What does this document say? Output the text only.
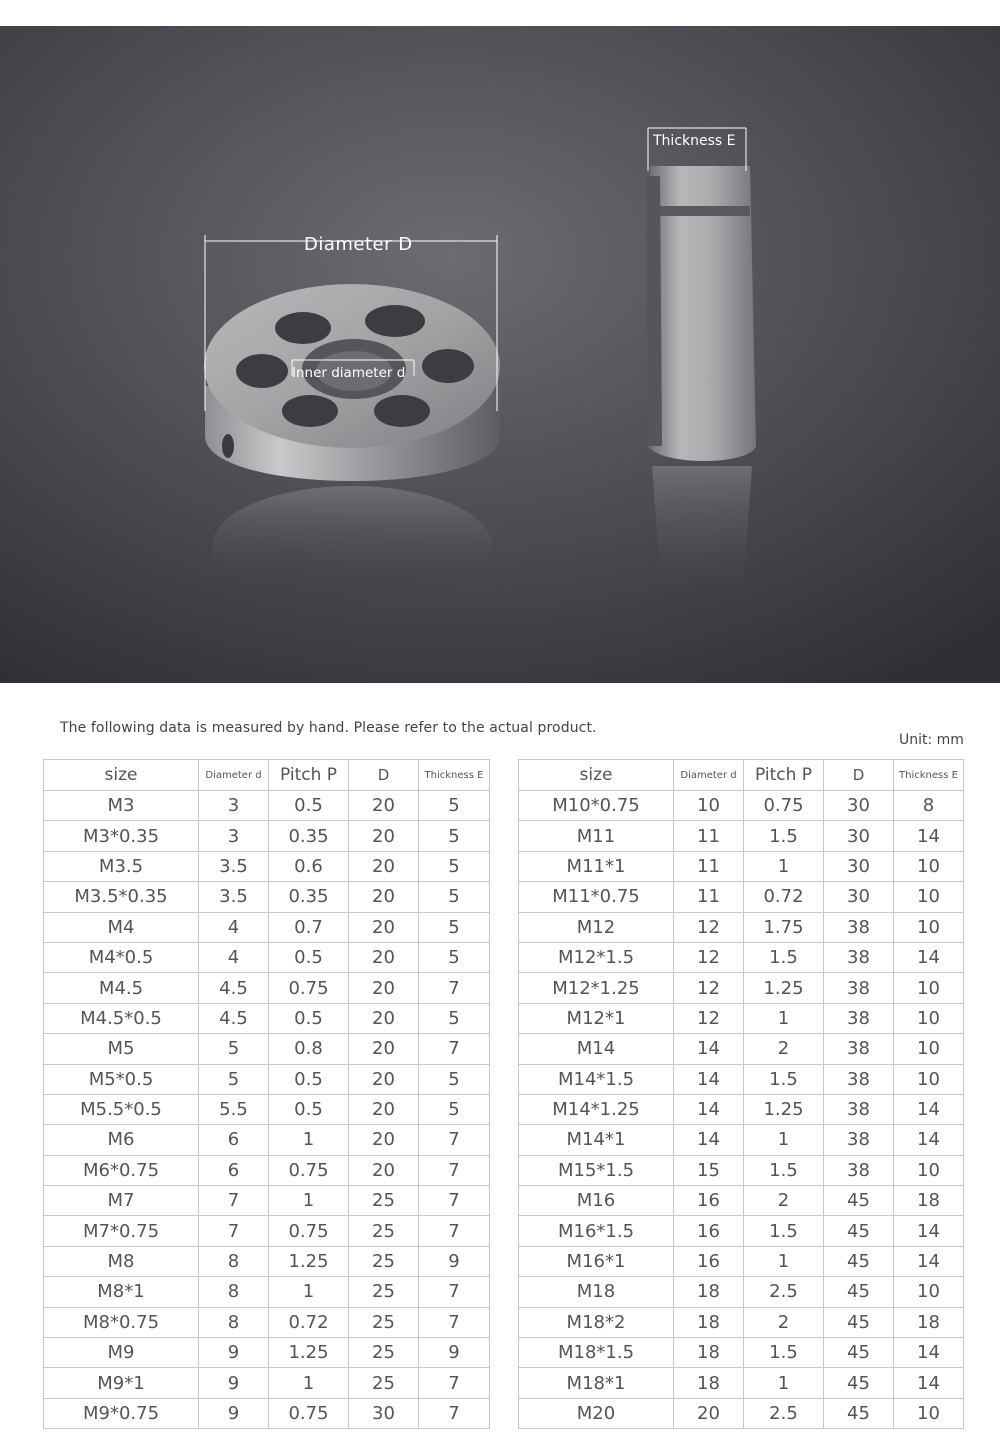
Diameter D
Inner diameter d
Thickness E
The following data is measured by hand. Please refer to the actual product.
Unit: mm
size	Diameter d	Pitch P	D	Thickness E
M3	3	0.5	20	5
M3*0.35	3	0.35	20	5
M3.5	3.5	0.6	20	5
M3.5*0.35	3.5	0.35	20	5
M4	4	0.7	20	5
M4*0.5	4	0.5	20	5
M4.5	4.5	0.75	20	7
M4.5*0.5	4.5	0.5	20	5
M5	5	0.8	20	7
M5*0.5	5	0.5	20	5
M5.5*0.5	5.5	0.5	20	5
M6	6	1	20	7
M6*0.75	6	0.75	20	7
M7	7	1	25	7
M7*0.75	7	0.75	25	7
M8	8	1.25	25	9
M8*1	8	1	25	7
M8*0.75	8	0.72	25	7
M9	9	1.25	25	9
M9*1	9	1	25	7
M9*0.75	9	0.75	30	7
size	Diameter d	Pitch P	D	Thickness E
M10*0.75	10	0.75	30	8
M11	11	1.5	30	14
M11*1	11	1	30	10
M11*0.75	11	0.72	30	10
M12	12	1.75	38	10
M12*1.5	12	1.5	38	14
M12*1.25	12	1.25	38	10
M12*1	12	1	38	10
M14	14	2	38	10
M14*1.5	14	1.5	38	10
M14*1.25	14	1.25	38	14
M14*1	14	1	38	14
M15*1.5	15	1.5	38	10
M16	16	2	45	18
M16*1.5	16	1.5	45	14
M16*1	16	1	45	14
M18	18	2.5	45	10
M18*2	18	2	45	18
M18*1.5	18	1.5	45	14
M18*1	18	1	45	14
M20	20	2.5	45	10
